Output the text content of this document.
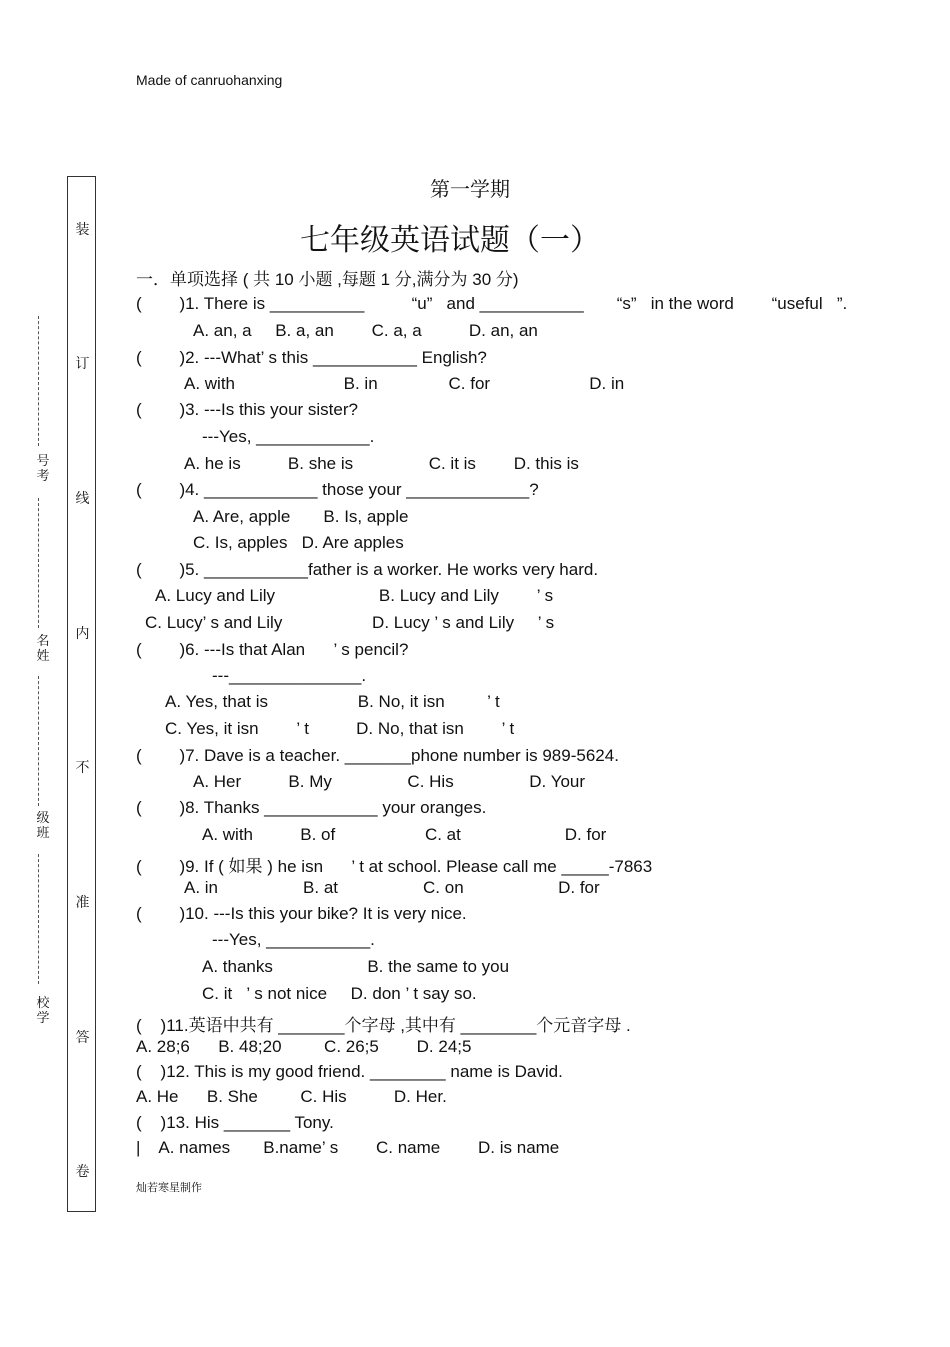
Made of canruohanxing
第一学期
七年级英语试题（一）
装
订
线
内
不
准
答
卷
号
考
名
姓
级
班
校
学
一．单项选择 ( 共 10 小题 ,每题 1 分,满分为 30 分)
(        )1. There is __________          “u”   and ___________       “s”   in the word        “useful   ”.
A. an, a     B. a, an        C. a, a          D. an, an
(        )2. ---What’ s this ___________ English?
A. with                       B. in               C. for                     D. in
(        )3. ---Is this your sister?
---Yes, ____________.
A. he is          B. she is                C. it is        D. this is
(        )4. ____________ those your _____________?
A. Are, apple       B. Is, apple
C. Is, apples   D. Are apples
(        )5. ___________father is a worker. He works very hard.
A. Lucy and Lily                      B. Lucy and Lily        ’ s
C. Lucy’ s and Lily                   D. Lucy ’ s and Lily     ’ s
(        )6. ---Is that Alan      ’ s pencil?
---______________.
A. Yes, that is                   B. No, it isn         ’ t
C. Yes, it isn        ’ t          D. No, that isn        ’ t
(        )7. Dave is a teacher. _______phone number is 989-5624.
A. Her          B. My                C. His                D. Your
(        )8. Thanks ____________ your oranges.
A. with          B. of                   C. at                      D. for
(        )9. If ( 如果 ) he isn      ’ t at school. Please call me _____-7863
A. in                  B. at                  C. on                    D. for
(        )10. ---Is this your bike? It is very nice.
---Yes, ___________.
A. thanks                    B. the same to you
C. it   ’ s not nice     D. don ’ t say so.
(    )11.英语中共有 _______个字母 ,其中有 ________个元音字母 .
A. 28;6      B. 48;20         C. 26;5        D. 24;5
(    )12. This is my good friend. ________ name is David.
A. He      B. She         C. His          D. Her.
(    )13. His _______ Tony.
|    A. names       B.name’ s        C. name        D. is name
灿若寒星制作
